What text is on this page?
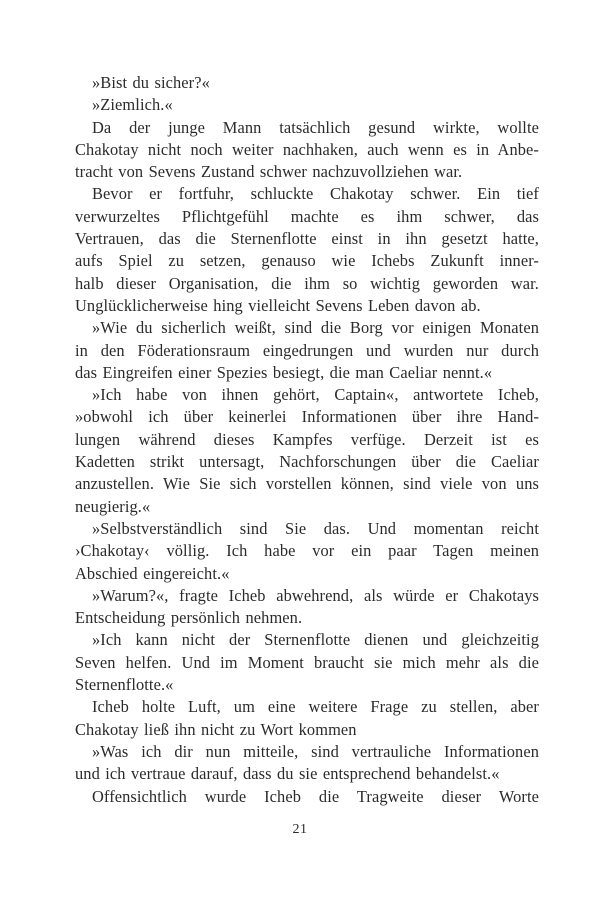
»Bist du sicher?«
»Ziemlich.«
Da der junge Mann tatsächlich gesund wirkte, wollte
Chakotay nicht noch weiter nachhaken, auch wenn es in Anbe-
tracht von Sevens Zustand schwer nachzuvollziehen war.
Bevor er fortfuhr, schluckte Chakotay schwer. Ein tief
verwurzeltes Pflichtgefühl machte es ihm schwer, das
Vertrauen, das die Sternenflotte einst in ihn gesetzt hatte,
aufs Spiel zu setzen, genauso wie Ichebs Zukunft inner-
halb dieser Organisation, die ihm so wichtig geworden war.
Unglücklicherweise hing vielleicht Sevens Leben davon ab.
»Wie du sicherlich weißt, sind die Borg vor einigen Monaten
in den Föderationsraum eingedrungen und wurden nur durch
das Eingreifen einer Spezies besiegt, die man Caeliar nennt.«
»Ich habe von ihnen gehört, Captain«, antwortete Icheb,
»obwohl ich über keinerlei Informationen über ihre Hand-
lungen während dieses Kampfes verfüge. Derzeit ist es
Kadetten strikt untersagt, Nachforschungen über die Caeliar
anzustellen. Wie Sie sich vorstellen können, sind viele von uns
neugierig.«
»Selbstverständlich sind Sie das. Und momentan reicht
›Chakotay‹ völlig. Ich habe vor ein paar Tagen meinen
Abschied eingereicht.«
»Warum?«, fragte Icheb abwehrend, als würde er Chakotays
Entscheidung persönlich nehmen.
»Ich kann nicht der Sternenflotte dienen und gleichzeitig
Seven helfen. Und im Moment braucht sie mich mehr als die
Sternenflotte.«
Icheb holte Luft, um eine weitere Frage zu stellen, aber
Chakotay ließ ihn nicht zu Wort kommen
»Was ich dir nun mitteile, sind vertrauliche Informationen
und ich vertraue darauf, dass du sie entsprechend behandelst.«
Offensichtlich wurde Icheb die Tragweite dieser Worte
21
